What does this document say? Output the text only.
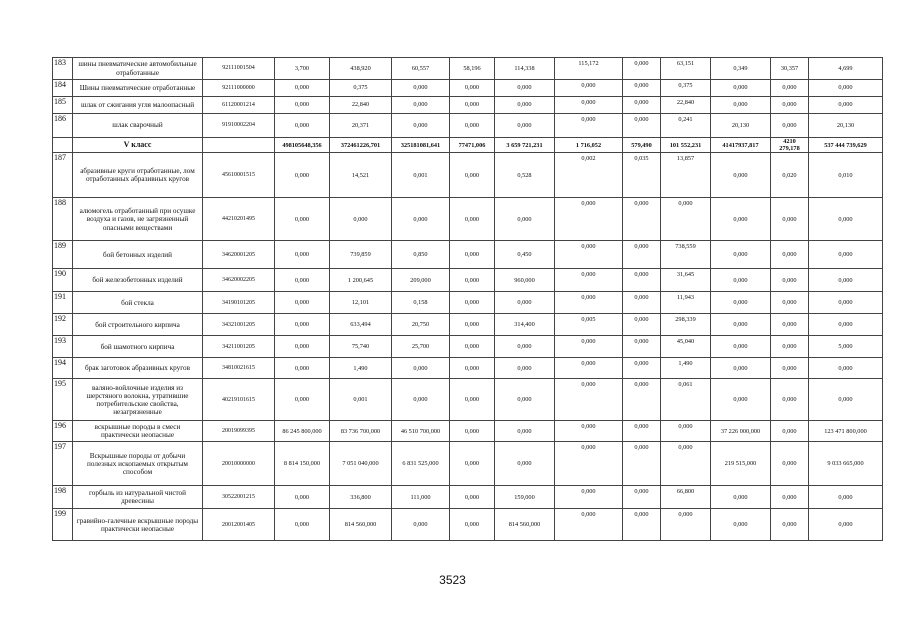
183	шины пневматические автомобильные отработанные	92111001504	3,700	438,920	60,557	58,196	114,338	115,172	0,000	63,151	0,349	30,357	4,699
184	Шины пневматические отработанные	92111000000	0,000	0,375	0,000	0,000	0,000	0,000	0,000	0,375	0,000	0,000	0,000
185	шлак от сжигания угля малоопасный	61120001214	0,000	22,840	0,000	0,000	0,000	0,000	0,000	22,840	0,000	0,000	0,000
186	шлак сварочный	91910002204	0,000	20,371	0,000	0,000	0,000	0,000	0,000	0,241	20,130	0,000	20,130
	V класс		498105648,356	372461226,701	325181081,641	77471,006	3 659 721,231	1 716,052	579,490	101 552,231	41417937,817	4210 279,178	537 444 739,629
187	абразивные круги отработанные, лом отработанных абразивных кругов	45610001515	0,000	14,521	0,001	0,000	0,528	0,002	0,035	13,857	0,000	0,020	0,010
188	алюмогель отработанный при осушке воздуха и газов, не загрязненный опасными веществами	44210201495	0,000	0,000	0,000	0,000	0,000	0,000	0,000	0,000	0,000	0,000	0,000
189	бой бетонных изделий	34620001205	0,000	739,859	0,850	0,000	0,450	0,000	0,000	738,559	0,000	0,000	0,000
190	бой железобетонных изделий	34620002205	0,000	1 200,645	209,000	0,000	960,000	0,000	0,000	31,645	0,000	0,000	0,000
191	бой стекла	34190101205	0,000	12,101	0,158	0,000	0,000	0,000	0,000	11,943	0,000	0,000	0,000
192	бой строительного кирпича	34321001205	0,000	633,494	20,750	0,000	314,400	0,005	0,000	298,339	0,000	0,000	0,000
193	бой шамотного кирпича	34211001205	0,000	75,740	25,700	0,000	0,000	0,000	0,000	45,040	0,000	0,000	5,000
194	брак заготовок абразивных кругов	34810021615	0,000	1,490	0,000	0,000	0,000	0,000	0,000	1,490	0,000	0,000	0,000
195	валяно-войлочные изделия из шерстяного волокна, утратившие потребительские свойства, незагрязненные	40219101615	0,000	0,001	0,000	0,000	0,000	0,000	0,000	0,061	0,000	0,000	0,000
196	вскрышные породы в смеси практически неопасные	20019099395	86 245 800,000	83 736 700,000	46 510 700,000	0,000	0,000	0,000	0,000	0,000	37 226 000,000	0,000	123 471 800,000
197	Вскрышные породы от добычи полезных ископаемых открытым способом	20010000000	8 814 150,000	7 051 040,000	6 831 525,000	0,000	0,000	0,000	0,000	0,000	219 515,000	0,000	9 033 665,000
198	горбыль из натуральной чистой древесины	30522001215	0,000	336,800	111,000	0,000	159,000	0,000	0,000	66,800	0,000	0,000	0,000
199	гравийно-галечные вскрышные породы практически неопасные	20012001405	0,000	814 560,000	0,000	0,000	814 560,000	0,000	0,000	0,000	0,000	0,000	0,000
3523
